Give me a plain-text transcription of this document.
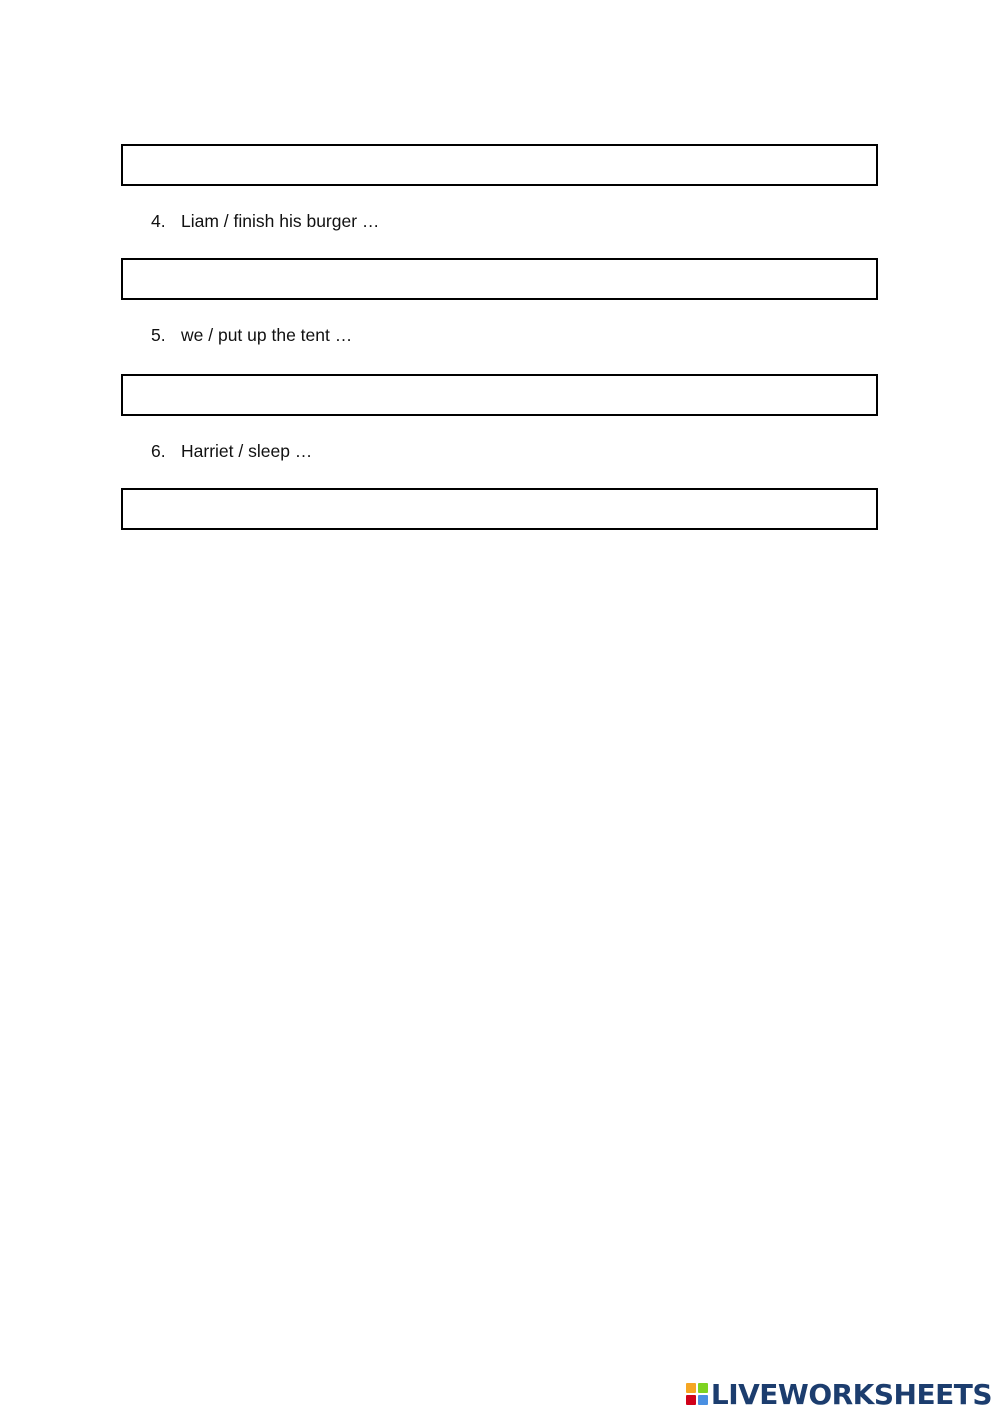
4. Liam / finish his burger …
5. we / put up the tent …
6. Harriet / sleep …
LIVEWORKSHEETS
